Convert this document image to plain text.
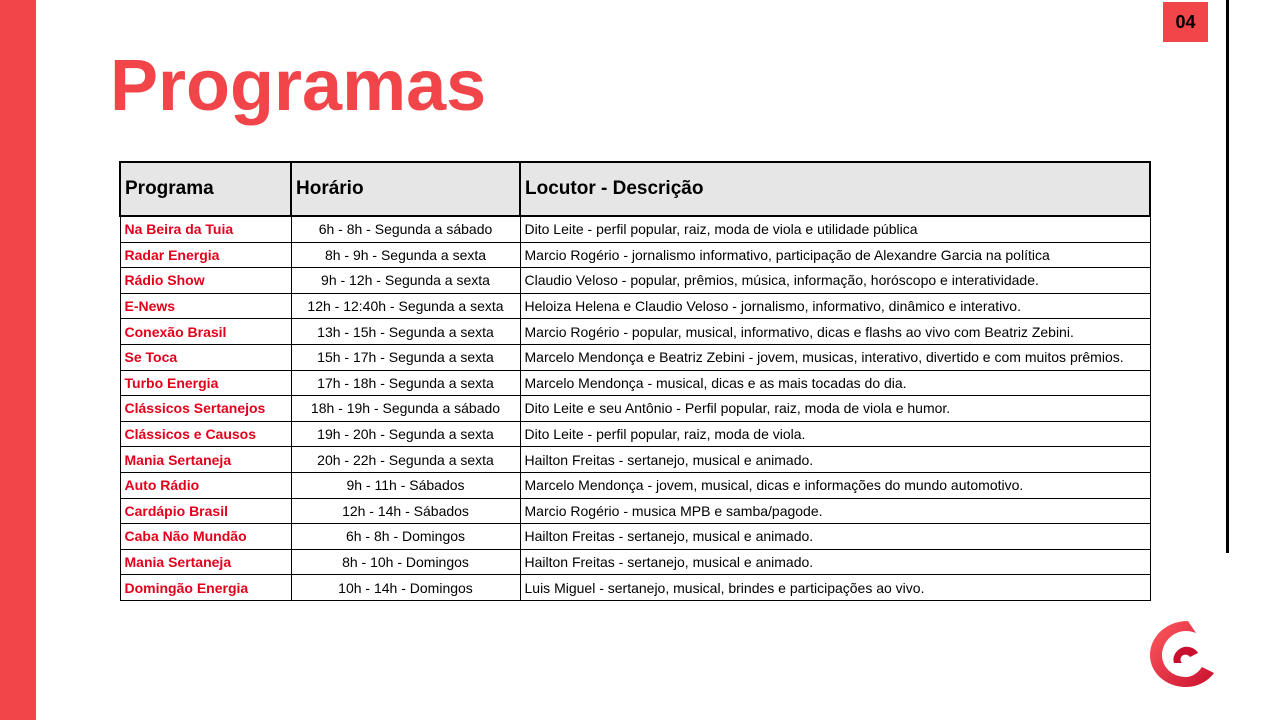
04
Programas
Programa	Horário	Locutor - Descrição
Na Beira da Tuia	6h - 8h - Segunda a sábado	Dito Leite - perfil popular, raiz, moda de viola e utilidade pública
Radar Energia	8h - 9h - Segunda a sexta	Marcio Rogério - jornalismo informativo, participação de Alexandre Garcia na política
Rádio Show	9h - 12h - Segunda a sexta	Claudio Veloso - popular, prêmios, música, informação, horóscopo e interatividade.
E-News	12h - 12:40h - Segunda a sexta	Heloiza Helena e Claudio Veloso - jornalismo, informativo, dinâmico e interativo.
Conexão Brasil	13h - 15h - Segunda a sexta	Marcio Rogério - popular, musical, informativo, dicas e flashs ao vivo com Beatriz Zebini.
Se Toca	15h - 17h - Segunda a sexta	Marcelo Mendonça e Beatriz Zebini - jovem, musicas, interativo, divertido e com muitos prêmios.
Turbo Energia	17h - 18h - Segunda a sexta	Marcelo Mendonça - musical, dicas e as mais tocadas do dia.
Clássicos Sertanejos	18h - 19h - Segunda a sábado	Dito Leite e seu Antônio - Perfil popular, raiz, moda de viola e humor.
Clássicos e Causos	19h - 20h - Segunda a sexta	Dito Leite - perfil popular, raiz, moda de viola.
Mania Sertaneja	20h - 22h - Segunda a sexta	Hailton Freitas - sertanejo, musical e animado.
Auto Rádio	9h - 11h - Sábados	Marcelo Mendonça - jovem, musical, dicas e informações do mundo automotivo.
Cardápio Brasil	12h - 14h - Sábados	Marcio Rogério - musica MPB e samba/pagode.
Caba Não Mundão	6h - 8h - Domingos	Hailton Freitas - sertanejo, musical e animado.
Mania Sertaneja	8h - 10h - Domingos	Hailton Freitas - sertanejo, musical e animado.
Domingão Energia	10h - 14h - Domingos	Luis Miguel - sertanejo, musical, brindes e participações ao vivo.
